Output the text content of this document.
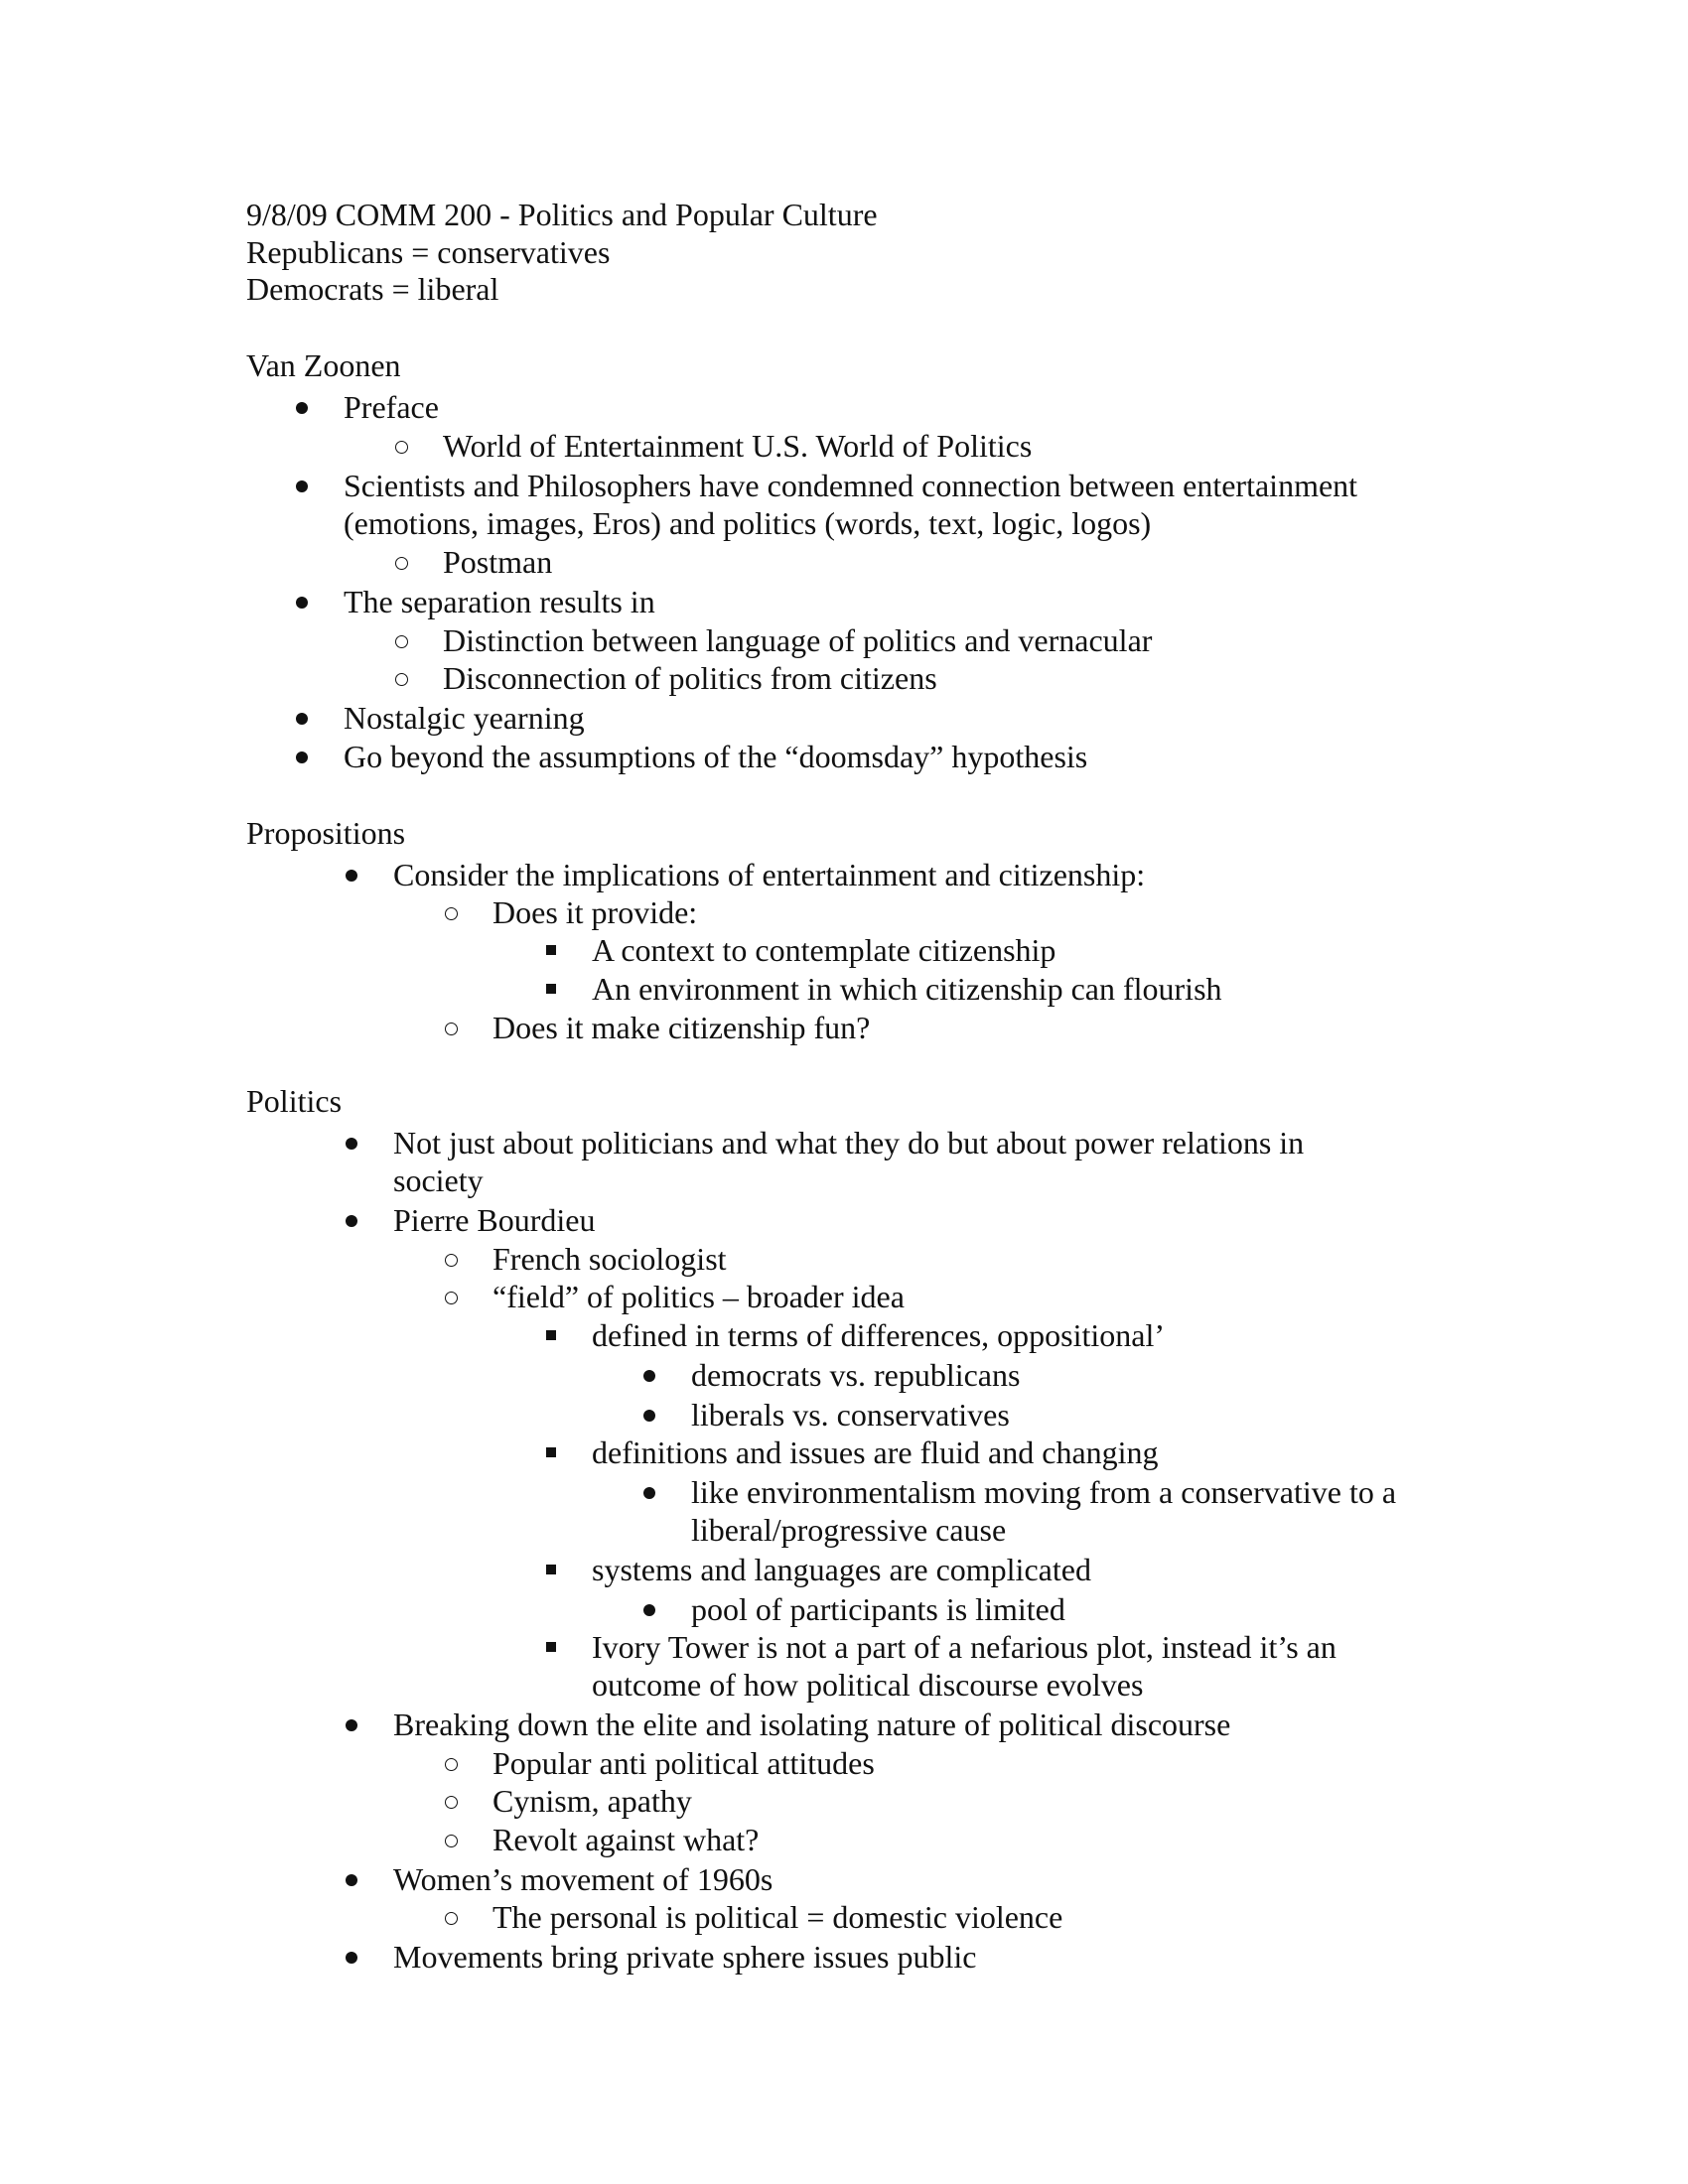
9/8/09 COMM 200 - Politics and Popular Culture
Republicans = conservatives
Democrats = liberal
Van Zoonen
Preface
World of Entertainment U.S. World of Politics
Scientists and Philosophers have condemned connection between entertainment
(emotions, images, Eros) and politics (words, text, logic, logos)
Postman
The separation results in
Distinction between language of politics and vernacular
Disconnection of politics from citizens
Nostalgic yearning
Go beyond the assumptions of the “doomsday” hypothesis
Propositions
Consider the implications of entertainment and citizenship:
Does it provide:
A context to contemplate citizenship
An environment in which citizenship can flourish
Does it make citizenship fun?
Politics
Not just about politicians and what they do but about power relations in
society
Pierre Bourdieu
French sociologist
“field” of politics – broader idea
defined in terms of differences, oppositional’
democrats vs. republicans
liberals vs. conservatives
definitions and issues are fluid and changing
like environmentalism moving from a conservative to a
liberal/progressive cause
systems and languages are complicated
pool of participants is limited
Ivory Tower is not a part of a nefarious plot, instead it’s an
outcome of how political discourse evolves
Breaking down the elite and isolating nature of political discourse
Popular anti political attitudes
Cynism, apathy
Revolt against what?
Women’s movement of 1960s
The personal is political = domestic violence
Movements bring private sphere issues public
